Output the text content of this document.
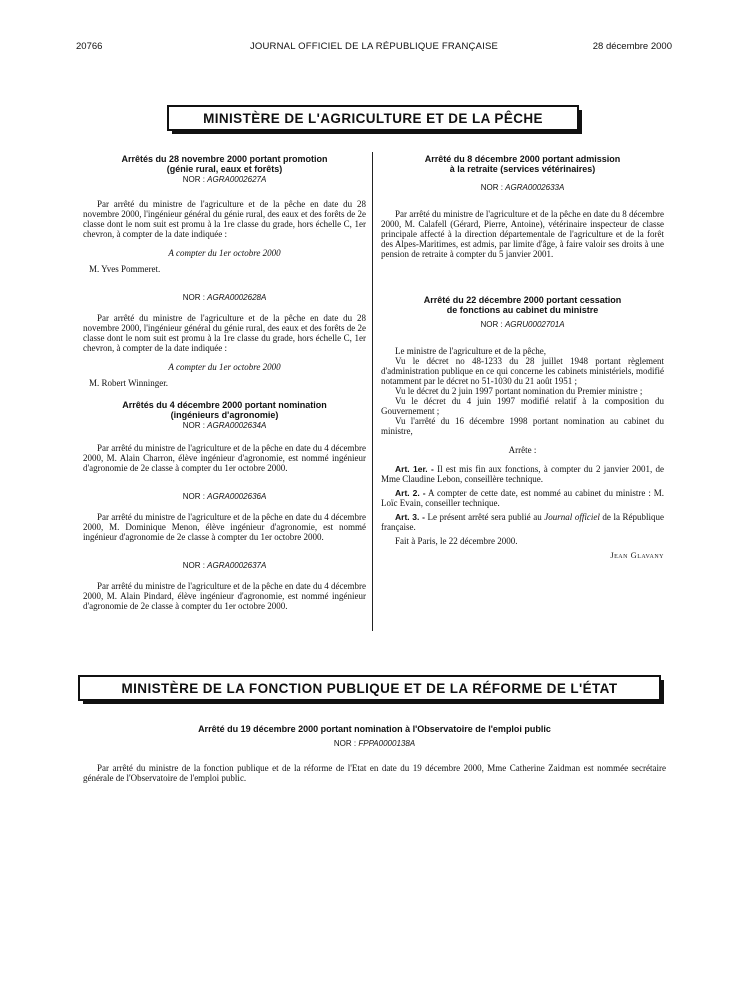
20766	JOURNAL OFFICIEL DE LA RÉPUBLIQUE FRANÇAISE	28 décembre 2000
MINISTÈRE DE L'AGRICULTURE ET DE LA PÊCHE

Arrêtés du 28 novembre 2000 portant promotion
(génie rural, eaux et forêts)

NOR : AGRA0002627A

Par arrêté du ministre de l'agriculture et de la pêche en date du 28 novembre 2000, l'ingénieur général du génie rural, des eaux et des forêts de 2e classe dont le nom suit est promu à la 1re classe du grade, hors échelle C, 1er chevron, à compter de la date indiquée :

A compter du 1er octobre 2000

M. Yves Pommeret.

NOR : AGRA0002628A

Par arrêté du ministre de l'agriculture et de la pêche en date du 28 novembre 2000, l'ingénieur général du génie rural, des eaux et des forêts de 2e classe dont le nom suit est promu à la 1re classe du grade, hors échelle C, 1er chevron, à compter de la date indiquée :

A compter du 1er octobre 2000

M. Robert Winninger.

Arrêtés du 4 décembre 2000 portant nomination
(ingénieurs d'agronomie)

NOR : AGRA0002634A

Par arrêté du ministre de l'agriculture et de la pêche en date du 4 décembre 2000, M. Alain Charron, élève ingénieur d'agronomie, est nommé ingénieur d'agronomie de 2e classe à compter du 1er octobre 2000.

NOR : AGRA0002636A

Par arrêté du ministre de l'agriculture et de la pêche en date du 4 décembre 2000, M. Dominique Menon, élève ingénieur d'agronomie, est nommé ingénieur d'agronomie de 2e classe à compter du 1er octobre 2000.

NOR : AGRA0002637A

Par arrêté du ministre de l'agriculture et de la pêche en date du 4 décembre 2000, M. Alain Pindard, élève ingénieur d'agronomie, est nommé ingénieur d'agronomie de 2e classe à compter du 1er octobre 2000.

Arrêté du 8 décembre 2000 portant admission
à la retraite (services vétérinaires)

NOR : AGRA0002633A

Par arrêté du ministre de l'agriculture et de la pêche en date du 8 décembre 2000, M. Calafell (Gérard, Pierre, Antoine), vétérinaire inspecteur de classe principale affecté à la direction départementale de l'agriculture et de la forêt des Alpes-Maritimes, est admis, par limite d'âge, à faire valoir ses droits à une pension de retraite à compter du 5 janvier 2001.

Arrêté du 22 décembre 2000 portant cessation
de fonctions au cabinet du ministre

NOR : AGRU0002701A

Le ministre de l'agriculture et de la pêche,

Vu le décret no 48-1233 du 28 juillet 1948 portant règlement d'administration publique en ce qui concerne les cabinets ministériels, modifié notamment par le décret no 51-1030 du 21 août 1951 ;

Vu le décret du 2 juin 1997 portant nomination du Premier ministre ;

Vu le décret du 4 juin 1997 modifié relatif à la composition du Gouvernement ;

Vu l'arrêté du 16 décembre 1998 portant nomination au cabinet du ministre,

Arrête :

Art. 1er. - Il est mis fin aux fonctions, à compter du 2 janvier 2001, de Mme Claudine Lebon, conseillère technique.

Art. 2. - A compter de cette date, est nommé au cabinet du ministre : M. Loïc Evain, conseiller technique.

Art. 3. - Le présent arrêté sera publié au Journal officiel de la République française.

Fait à Paris, le 22 décembre 2000.

Jean Glavany

MINISTÈRE DE LA FONCTION PUBLIQUE ET DE LA RÉFORME DE L'ÉTAT

Arrêté du 19 décembre 2000 portant nomination à l'Observatoire de l'emploi public

NOR : FPPA0000138A

Par arrêté du ministre de la fonction publique et de la réforme de l'Etat en date du 19 décembre 2000, Mme Catherine Zaidman est nommée secrétaire générale de l'Observatoire de l'emploi public.
